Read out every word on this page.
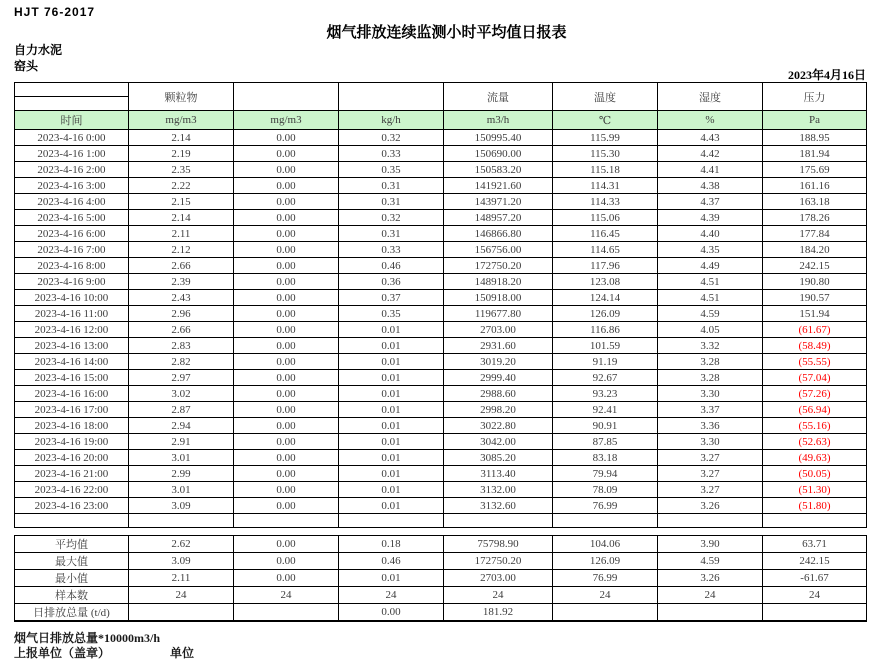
HJT 76-2017
烟气排放连续监测小时平均值日报表
自力水泥
窑头
2023年4月16日
	颗粒物			流量	温度	湿度	压力

时间	mg/m3	mg/m3	kg/h	m3/h	℃	%	Pa
2023-4-16 0:00	2.14	0.00	0.32	150995.40	115.99	4.43	188.95
2023-4-16 1:00	2.19	0.00	0.33	150690.00	115.30	4.42	181.94
2023-4-16 2:00	2.35	0.00	0.35	150583.20	115.18	4.41	175.69
2023-4-16 3:00	2.22	0.00	0.31	141921.60	114.31	4.38	161.16
2023-4-16 4:00	2.15	0.00	0.31	143971.20	114.33	4.37	163.18
2023-4-16 5:00	2.14	0.00	0.32	148957.20	115.06	4.39	178.26
2023-4-16 6:00	2.11	0.00	0.31	146866.80	116.45	4.40	177.84
2023-4-16 7:00	2.12	0.00	0.33	156756.00	114.65	4.35	184.20
2023-4-16 8:00	2.66	0.00	0.46	172750.20	117.96	4.49	242.15
2023-4-16 9:00	2.39	0.00	0.36	148918.20	123.08	4.51	190.80
2023-4-16 10:00	2.43	0.00	0.37	150918.00	124.14	4.51	190.57
2023-4-16 11:00	2.96	0.00	0.35	119677.80	126.09	4.59	151.94
2023-4-16 12:00	2.66	0.00	0.01	2703.00	116.86	4.05	(61.67)
2023-4-16 13:00	2.83	0.00	0.01	2931.60	101.59	3.32	(58.49)
2023-4-16 14:00	2.82	0.00	0.01	3019.20	91.19	3.28	(55.55)
2023-4-16 15:00	2.97	0.00	0.01	2999.40	92.67	3.28	(57.04)
2023-4-16 16:00	3.02	0.00	0.01	2988.60	93.23	3.30	(57.26)
2023-4-16 17:00	2.87	0.00	0.01	2998.20	92.41	3.37	(56.94)
2023-4-16 18:00	2.94	0.00	0.01	3022.80	90.91	3.36	(55.16)
2023-4-16 19:00	2.91	0.00	0.01	3042.00	87.85	3.30	(52.63)
2023-4-16 20:00	3.01	0.00	0.01	3085.20	83.18	3.27	(49.63)
2023-4-16 21:00	2.99	0.00	0.01	3113.40	79.94	3.27	(50.05)
2023-4-16 22:00	3.01	0.00	0.01	3132.00	78.09	3.27	(51.30)
2023-4-16 23:00	3.09	0.00	0.01	3132.60	76.99	3.26	(51.80)

平均值	2.62	0.00	0.18	75798.90	104.06	3.90	63.71
最大值	3.09	0.00	0.46	172750.20	126.09	4.59	242.15
最小值	2.11	0.00	0.01	2703.00	76.99	3.26	-61.67
样本数	24	24	24	24	24	24	24
日排放总量 (t/d)			0.00	181.92			
烟气日排放总量*10000m3/h
上报单位（盖章）	单位
